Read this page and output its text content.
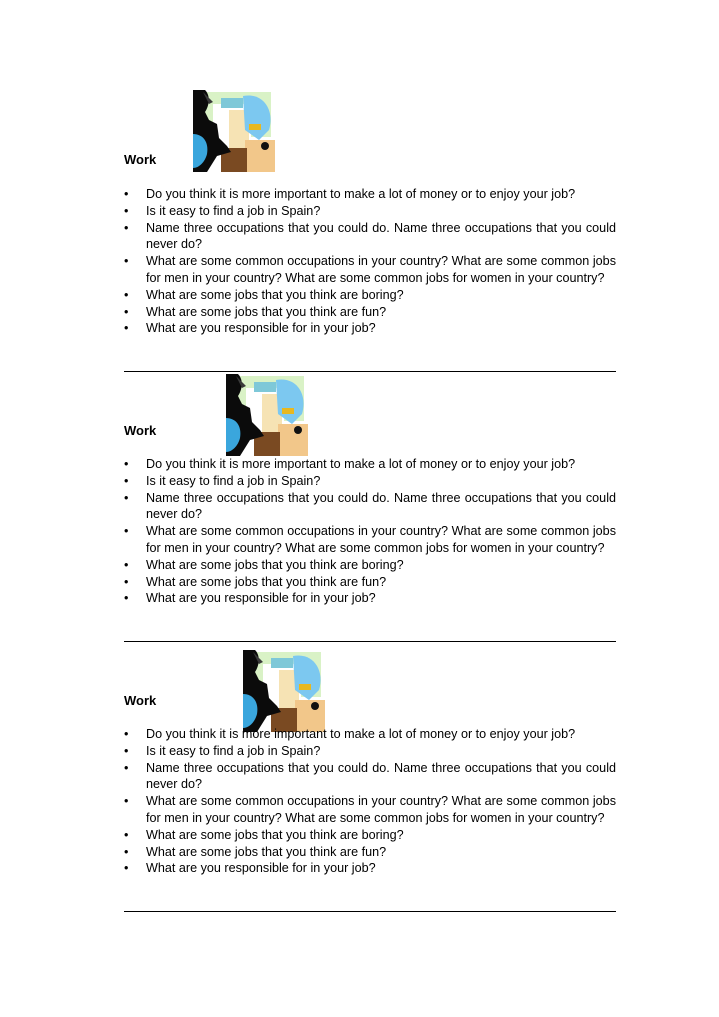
Work
•	Do you think it is more important to make a lot of money or to enjoy your job?
•	Is it easy to find a job in Spain?
•	Name three occupations that you could do. Name three occupations that you could never do?
•	What are some common occupations in your country? What are some common jobs for men in your country? What are some common jobs for women in your country?
•	What are some jobs that you think are boring?
•	What are some jobs that you think are fun?
•	What are you responsible for in your job?
Work
•	Do you think it is more important to make a lot of money or to enjoy your job?
•	Is it easy to find a job in Spain?
•	Name three occupations that you could do. Name three occupations that you could never do?
•	What are some common occupations in your country? What are some common jobs for men in your country? What are some common jobs for women in your country?
•	What are some jobs that you think are boring?
•	What are some jobs that you think are fun?
•	What are you responsible for in your job?
Work
•	Do you think it is more important to make a lot of money or to enjoy your job?
•	Is it easy to find a job in Spain?
•	Name three occupations that you could do. Name three occupations that you could never do?
•	What are some common occupations in your country? What are some common jobs for men in your country? What are some common jobs for women in your country?
•	What are some jobs that you think are boring?
•	What are some jobs that you think are fun?
•	What are you responsible for in your job?
